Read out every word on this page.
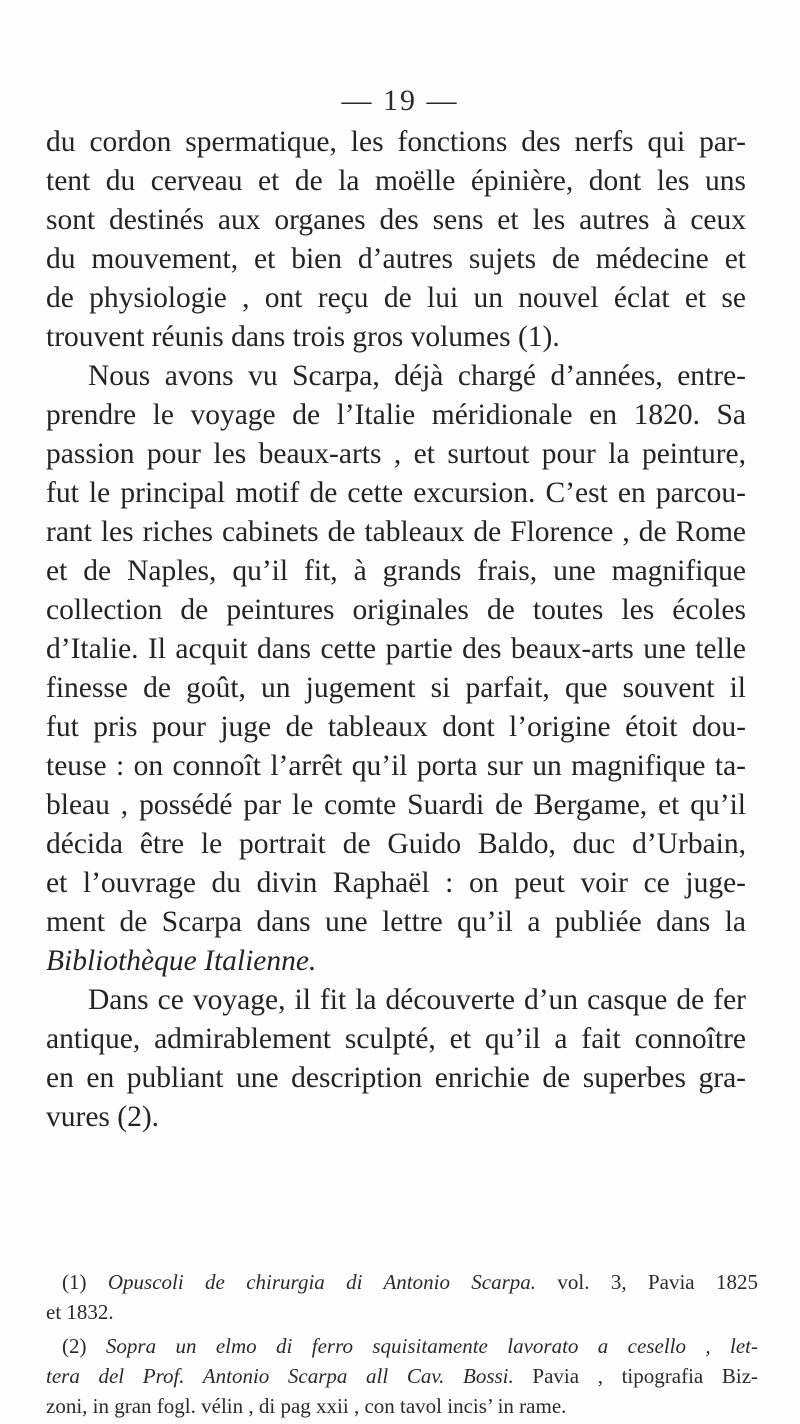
— 19 —
du cordon spermatique, les fonctions des nerfs qui par-
tent du cerveau et de la moëlle épinière, dont les uns
sont destinés aux organes des sens et les autres à ceux
du mouvement, et bien d’autres sujets de médecine et
de physiologie , ont reçu de lui un nouvel éclat et se
trouvent réunis dans trois gros volumes (1).
Nous avons vu Scarpa, déjà chargé d’années, entre-
prendre le voyage de l’Italie méridionale en 1820. Sa
passion pour les beaux-arts , et surtout pour la peinture,
fut le principal motif de cette excursion. C’est en parcou-
rant les riches cabinets de tableaux de Florence , de Rome
et de Naples, qu’il fit, à grands frais, une magnifique
collection de peintures originales de toutes les écoles
d’Italie. Il acquit dans cette partie des beaux-arts une telle
finesse de goût, un jugement si parfait, que souvent il
fut pris pour juge de tableaux dont l’origine étoit dou-
teuse : on connoît l’arrêt qu’il porta sur un magnifique ta-
bleau , possédé par le comte Suardi de Bergame, et qu’il
décida être le portrait de Guido Baldo, duc d’Urbain,
et l’ouvrage du divin Raphaël : on peut voir ce juge-
ment de Scarpa dans une lettre qu’il a publiée dans la
Bibliothèque Italienne.
Dans ce voyage, il fit la découverte d’un casque de fer
antique, admirablement sculpté, et qu’il a fait connoître
en en publiant une description enrichie de superbes gra-
vures (2).
(1) Opuscoli de chirurgia di Antonio Scarpa. vol. 3, Pavia 1825
et 1832.
(2) Sopra un elmo di ferro squisitamente lavorato a cesello , let-
tera del Prof. Antonio Scarpa all Cav. Bossi. Pavia , tipografia Biz-
zoni, in gran fogl. vélin , di pag xxii , con tavol incis’ in rame.
